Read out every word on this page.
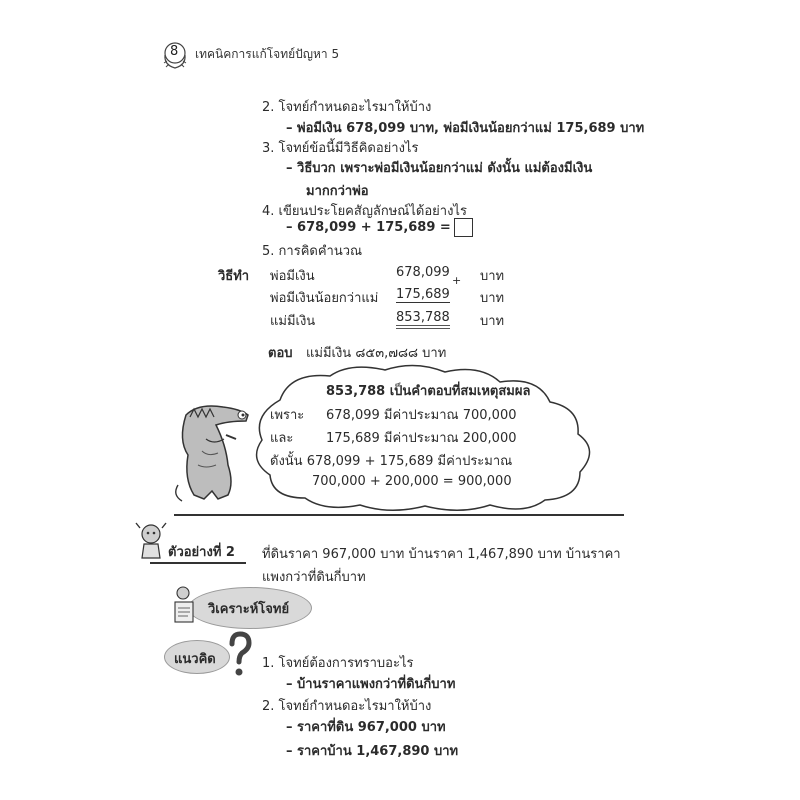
8 เทคนิคการแก้โจทย์ปัญหา 5
2. โจทย์กำหนดอะไรมาให้บ้าง
– พ่อมีเงิน 678,099 บาท, พ่อมีเงินน้อยกว่าแม่ 175,689 บาท
3. โจทย์ข้อนี้มีวิธีคิดอย่างไร
– วิธีบวก เพราะพ่อมีเงินน้อยกว่าแม่ ดังนั้น แม่ต้องมีเงิน
มากกว่าพ่อ
4. เขียนประโยคสัญลักษณ์ได้อย่างไร
– 678,099 + 175,689 =
5. การคิดคำนวณ
วิธีทำ พ่อมีเงิน	678,099 บาท
+
พ่อมีเงินน้อยกว่าแม่ 175,689 บาท
แม่มีเงิน	853,788 บาท
ตอบ แม่มีเงิน ๘๕๓,๗๘๘ บาท
853,788 เป็นคำตอบที่สมเหตุสมผล
เพราะ 678,099 มีค่าประมาณ 700,000
และ	175,689 มีค่าประมาณ 200,000
ดังนั้น 678,099 + 175,689 มีค่าประมาณ
700,000 + 200,000 = 900,000
ตัวอย่างที่ 2 ที่ดินราคา 967,000 บาท บ้านราคา 1,467,890 บาท บ้านราคา
แพงกว่าที่ดินกี่บาท
วิเคราะห์โจทย์
แนวคิด	1. โจทย์ต้องการทราบอะไร
– บ้านราคาแพงกว่าที่ดินกี่บาท
2. โจทย์กำหนดอะไรมาให้บ้าง
– ราคาที่ดิน 967,000 บาท
– ราคาบ้าน 1,467,890 บาท
